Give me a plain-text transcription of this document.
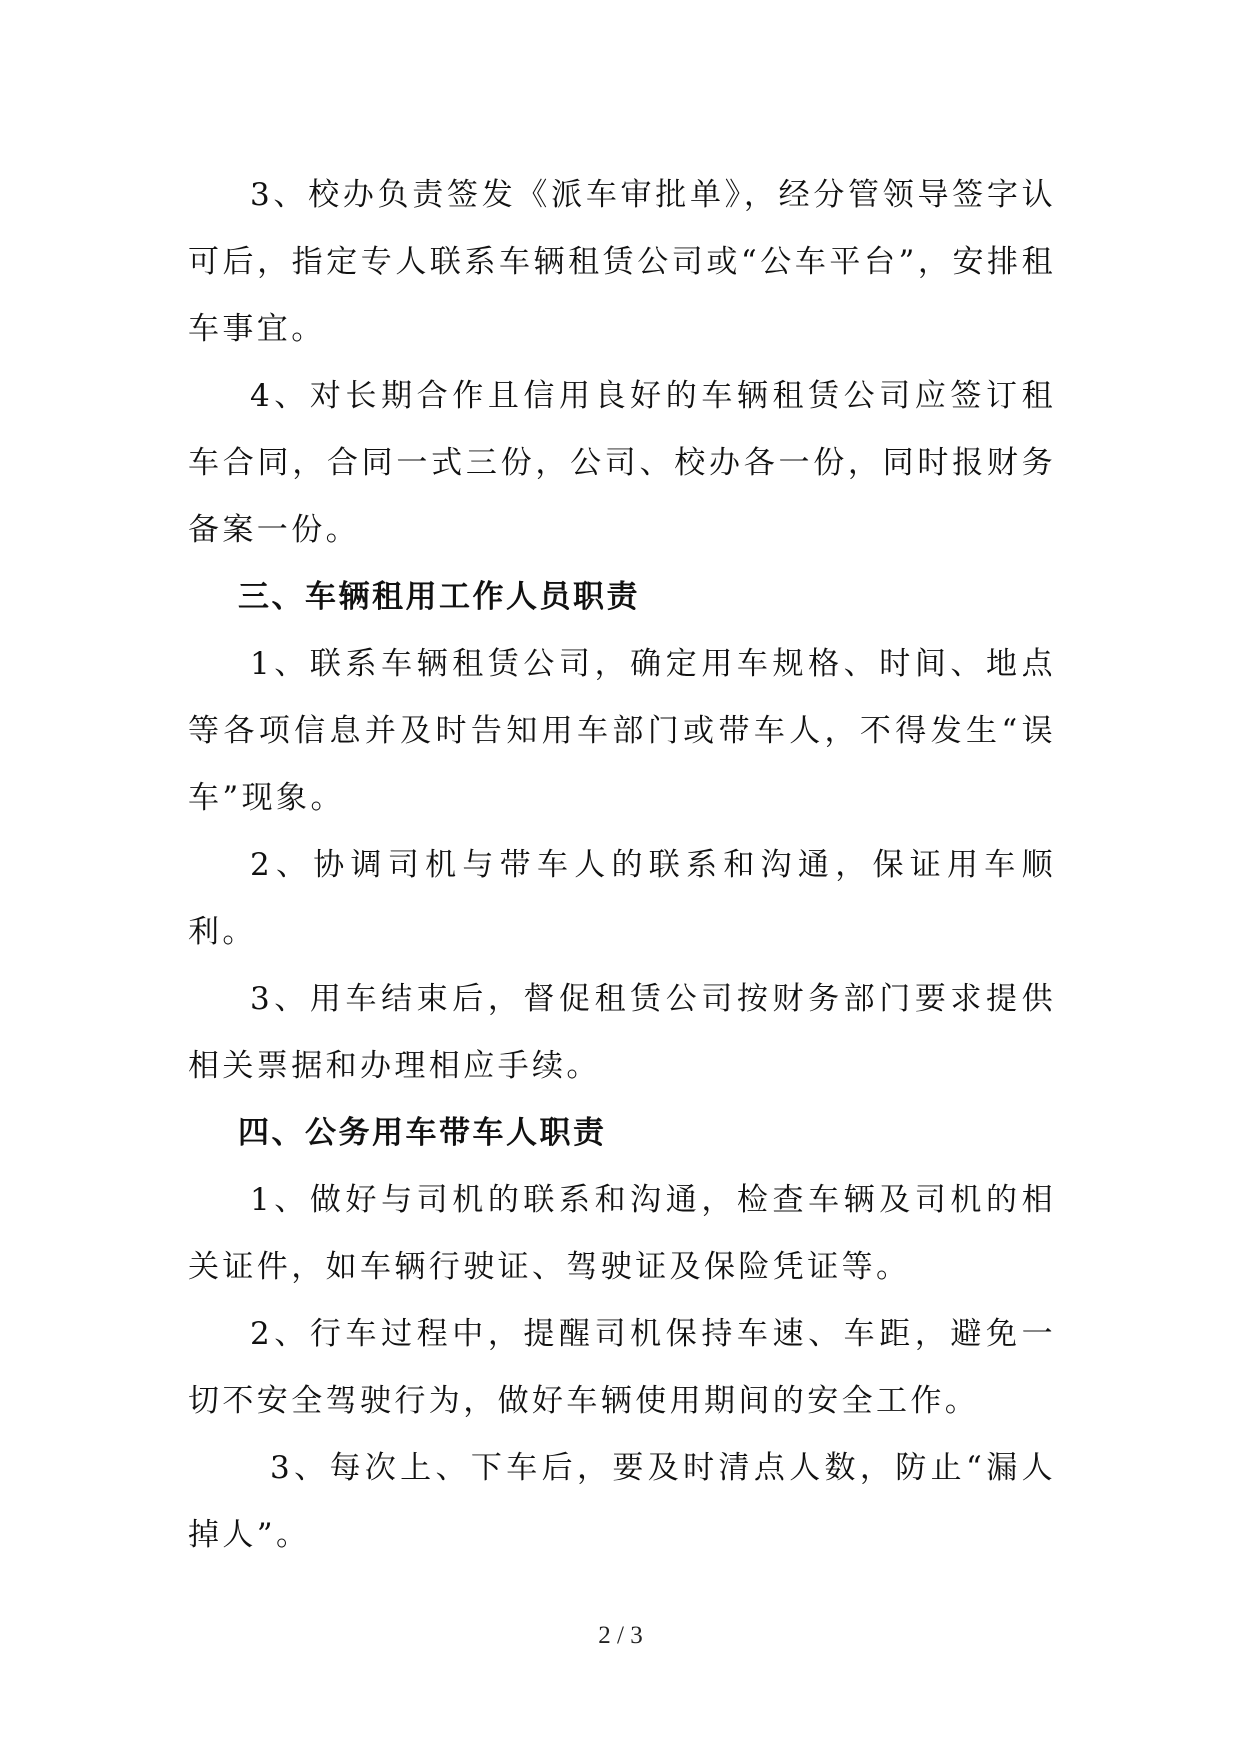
3、校办负责签发《派车审批单》，经分管领导签字认可后，指定专人联系车辆租赁公司或“公车平台”，安排租车事宜。

4、对长期合作且信用良好的车辆租赁公司应签订租车合同，合同一式三份，公司、校办各一份，同时报财务备案一份。

三、车辆租用工作人员职责

1、联系车辆租赁公司，确定用车规格、时间、地点等各项信息并及时告知用车部门或带车人，不得发生“误车”现象。

2、协调司机与带车人的联系和沟通，保证用车顺利。

3、用车结束后，督促租赁公司按财务部门要求提供相关票据和办理相应手续。

四、公务用车带车人职责

1、做好与司机的联系和沟通，检查车辆及司机的相关证件，如车辆行驶证、驾驶证及保险凭证等。

2、行车过程中，提醒司机保持车速、车距，避免一切不安全驾驶行为，做好车辆使用期间的安全工作。

3、每次上、下车后，要及时清点人数，防止“漏人掉人”。

2 / 3
